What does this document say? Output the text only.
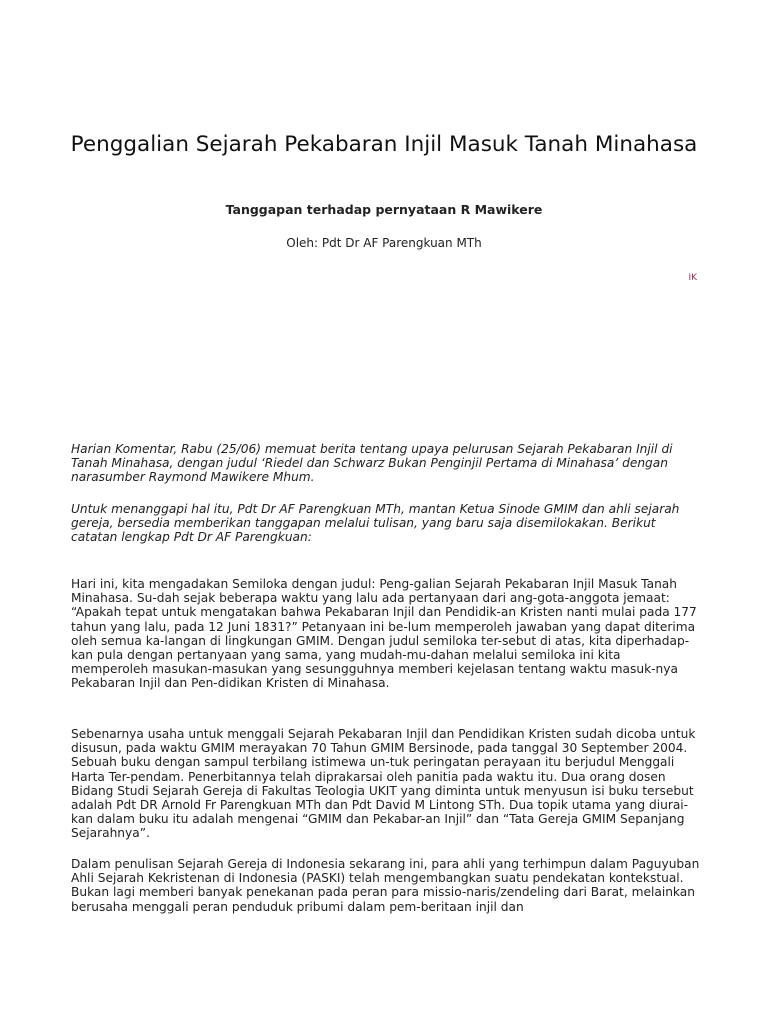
Penggalian Sejarah Pekabaran Injil Masuk Tanah Minahasa
Tanggapan terhadap pernyataan R Mawikere
Oleh: Pdt Dr AF Parengkuan MTh
IK
Harian Komentar, Rabu (25/06) memuat berita tentang upaya pelurusan Sejarah Pekabaran Injil di Tanah Minahasa, dengan judul ‘Riedel dan Schwarz Bukan Penginjil Pertama di Minahasa’ dengan narasumber Raymond Mawikere Mhum.
Untuk menanggapi hal itu, Pdt Dr AF Parengkuan MTh, mantan Ketua Sinode GMIM dan ahli sejarah gereja, bersedia memberikan tanggapan melalui tulisan, yang baru saja disemilokakan. Berikut catatan lengkap Pdt Dr AF Parengkuan:
Hari ini, kita mengadakan Semiloka dengan judul: Peng-galian Sejarah Pekabaran Injil Masuk Tanah Minahasa. Su-dah sejak beberapa waktu yang lalu ada pertanyaan dari ang-gota-anggota jemaat: “Apakah tepat untuk mengatakan bahwa Pekabaran Injil dan Pendidik-an Kristen nanti mulai pada 177 tahun yang lalu, pada 12 Juni 1831?” Petanyaan ini be-lum memperoleh jawaban yang dapat diterima oleh semua ka-langan di lingkungan GMIM. Dengan judul semiloka ter-sebut di atas, kita diperhadap-kan pula dengan pertanyaan yang sama, yang mudah-mu-dahan melalui semiloka ini kita memperoleh masukan-masukan yang sesungguhnya memberi kejelasan tentang waktu masuk-nya Pekabaran Injil dan Pen-didikan Kristen di Minahasa.
Sebenarnya usaha untuk menggali Sejarah Pekabaran Injil dan Pendidikan Kristen sudah dicoba untuk disusun, pada waktu GMIM merayakan 70 Tahun GMIM Bersinode, pada tanggal 30 September 2004. Sebuah buku dengan sampul terbilang istimewa un-tuk peringatan perayaan itu berjudul Menggali Harta Ter-pendam. Penerbitannya telah diprakarsai oleh panitia pada waktu itu. Dua orang dosen Bidang Studi Sejarah Gereja di Fakultas Teologia UKIT yang diminta untuk menyusun isi buku tersebut adalah Pdt DR Arnold Fr Parengkuan MTh dan Pdt David M Lintong STh. Dua topik utama yang diurai-kan dalam buku itu adalah mengenai “GMIM dan Pekabar-an Injil” dan “Tata Gereja GMIM Sepanjang Sejarahnya”.
Dalam penulisan Sejarah Gereja di Indonesia sekarang ini, para ahli yang terhimpun dalam Paguyuban Ahli Sejarah Kekristenan di Indonesia (PASKI) telah mengembangkan suatu pendekatan kontekstual. Bukan lagi memberi banyak penekanan pada peran para missio-naris/zendeling dari Barat, melainkan berusaha menggali peran penduduk pribumi dalam pem-beritaan injil dan
